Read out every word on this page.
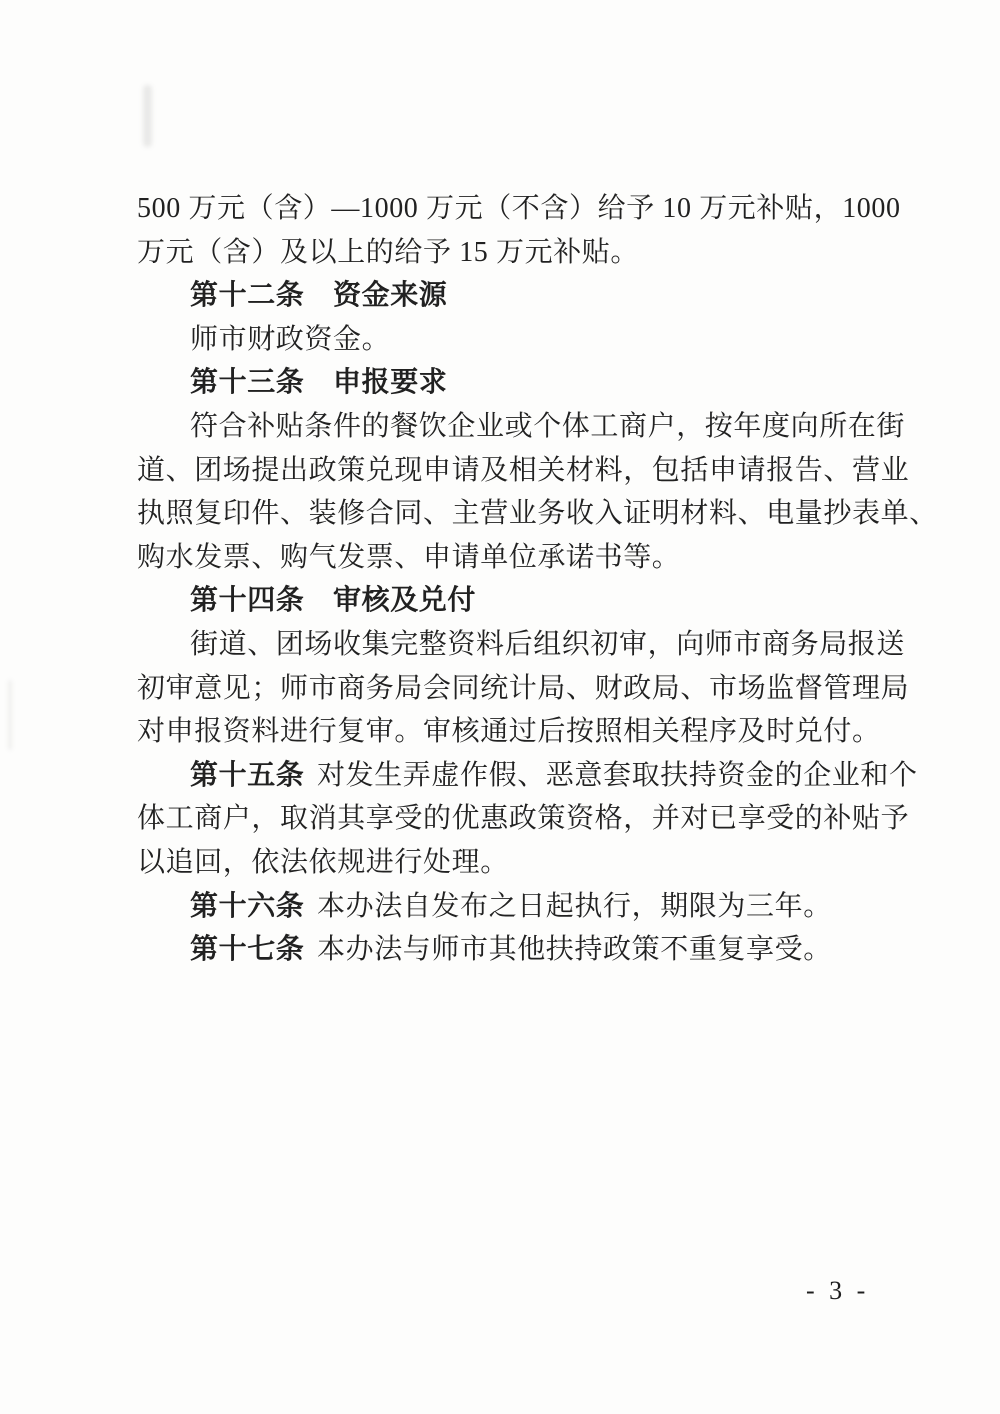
500 万元（含）—1000 万元（不含）给予 10 万元补贴，1000
万元（含）及以上的给予 15 万元补贴。
第十二条　资金来源
师市财政资金。
第十三条　申报要求
符合补贴条件的餐饮企业或个体工商户，按年度向所在街
道、团场提出政策兑现申请及相关材料，包括申请报告、营业
执照复印件、装修合同、主营业务收入证明材料、电量抄表单、
购水发票、购气发票、申请单位承诺书等。
第十四条　审核及兑付
街道、团场收集完整资料后组织初审，向师市商务局报送
初审意见；师市商务局会同统计局、财政局、市场监督管理局
对申报资料进行复审。审核通过后按照相关程序及时兑付。
第十五条 对发生弄虚作假、恶意套取扶持资金的企业和个
体工商户，取消其享受的优惠政策资格，并对已享受的补贴予
以追回，依法依规进行处理。
第十六条 本办法自发布之日起执行，期限为三年。
第十七条 本办法与师市其他扶持政策不重复享受。
- 3 -
